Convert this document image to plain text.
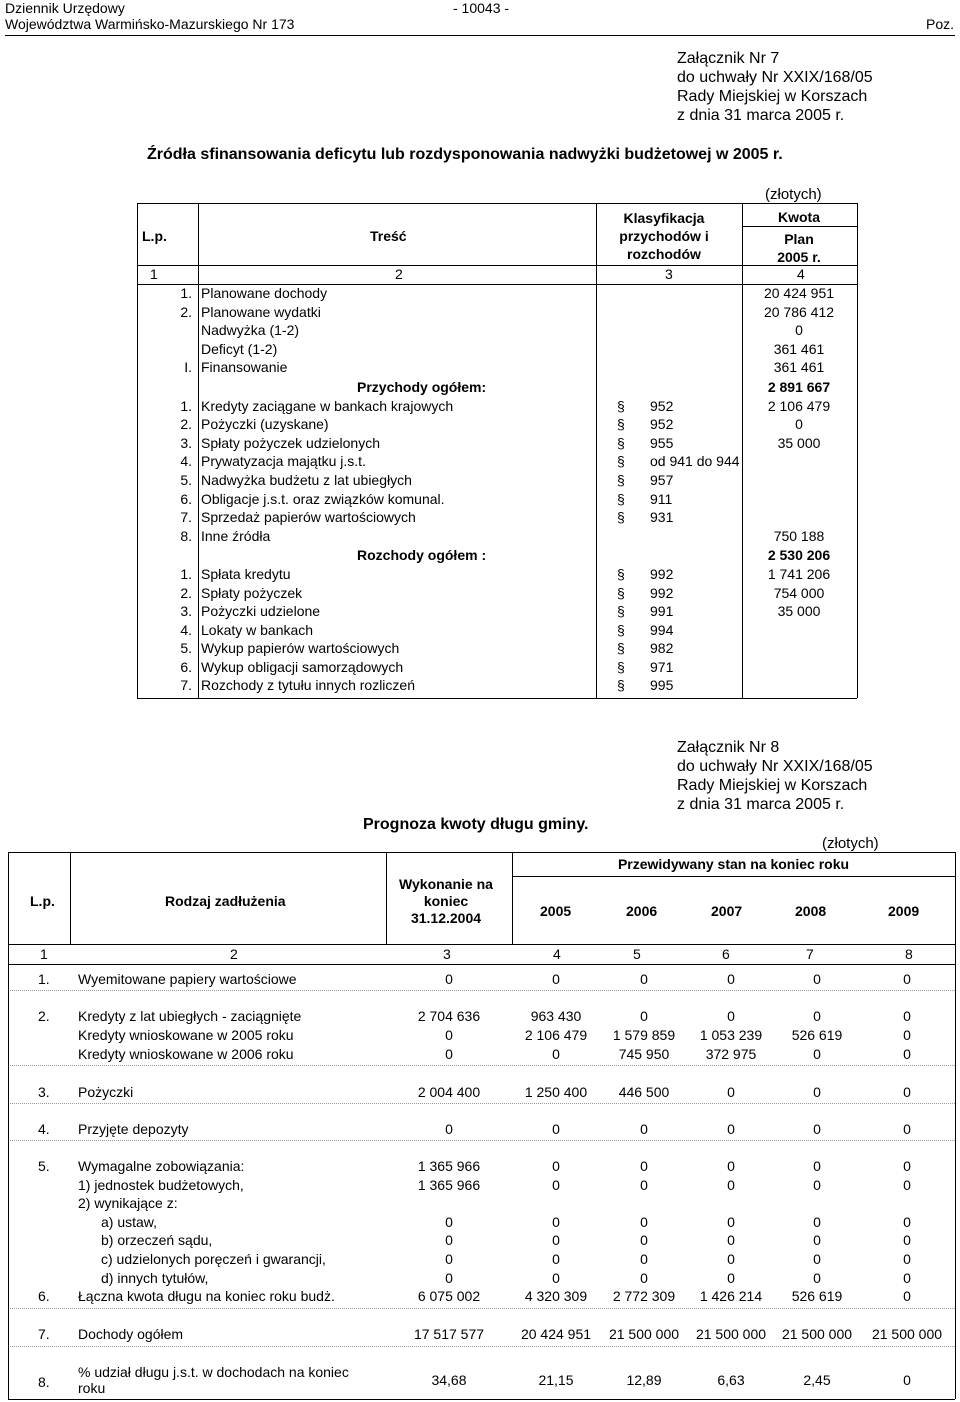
Dziennik Urzędowy	- 10043 -
Województwa Warmińsko-Mazurskiego Nr 173	Poz.
Załącznik Nr 7
do uchwały Nr XXIX/168/05
Rady Miejskiej w Korszach
z dnia 31 marca 2005 r.
Źródła sfinansowania deficytu lub rozdysponowania nadwyżki budżetowej w 2005 r.
(złotych)
L.p.	Treść
Klasyfikacja
przychodów i
rozchodów
Kwota
Plan
2005 r.
1	2	3	4
1. Planowane dochody	20 424 951
2. Planowane wydatki	20 786 412
Nadwyżka (1-2)	0
Deficyt (1-2)	361 461
I. Finansowanie	361 461
Przychody ogółem:	2 891 667
1. Kredyty zaciągane w bankach krajowych	§ 952	2 106 479
2. Pożyczki (uzyskane)	§ 952	0
3. Spłaty pożyczek udzielonych	§ 955	35 000
4. Prywatyzacja majątku j.s.t.	§ od 941 do 944
5. Nadwyżka budżetu z lat ubiegłych	§ 957
6. Obligacje j.s.t. oraz związków komunal.	§ 911
7. Sprzedaż papierów wartościowych	§ 931
8. Inne źródła	750 188
Rozchody ogółem :	2 530 206
1. Spłata kredytu	§ 992	1 741 206
2. Spłaty pożyczek	§ 992	754 000
3. Pożyczki udzielone	§ 991	35 000
4. Lokaty w bankach	§ 994
5. Wykup papierów wartościowych	§ 982
6. Wykup obligacji samorządowych	§ 971
7. Rozchody z tytułu innych rozliczeń	§ 995
Załącznik Nr 8
do uchwały Nr XXIX/168/05
Rady Miejskiej w Korszach
z dnia 31 marca 2005 r.
Prognoza kwoty długu gminy.
(złotych)
L.p.	Rodzaj zadłużenia
Wykonanie na
koniec
31.12.2004
Przewidywany stan na koniec roku
2005	2006	2007	2008	2009
1	2	3	4	5	6	7	8
1. Wyemitowane papiery wartościowe	0	0	0	0	0	0
2. Kredyty z lat ubiegłych - zaciągnięte	2 704 636	963 430	0	0	0	0
Kredyty wnioskowane w 2005 roku	0	2 106 479	1 579 859	1 053 239	526 619	0
Kredyty wnioskowane w 2006 roku	0	0	745 950	372 975	0	0
3. Pożyczki	2 004 400	1 250 400	446 500	0	0	0
4. Przyjęte depozyty	0	0	0	0	0	0
5. Wymagalne zobowiązania:	1 365 966	0	0	0	0	0
1) jednostek budżetowych,	1 365 966	0	0	0	0	0
2) wynikające z:
a) ustaw,	0	0	0	0	0	0
b) orzeczeń sądu,	0	0	0	0	0	0
c) udzielonych poręczeń i gwarancji,	0	0	0	0	0	0
d) innych tytułów,	0	0	0	0	0	0
6. Łączna kwota długu na koniec roku budż.	6 075 002	4 320 309	2 772 309	1 426 214	526 619	0
7. Dochody ogółem	17 517 577	20 424 951	21 500 000	21 500 000	21 500 000	21 500 000
8.
% udział długu j.s.t. w dochodach na koniec
roku	34,68	21,15	12,89	6,63	2,45	0
